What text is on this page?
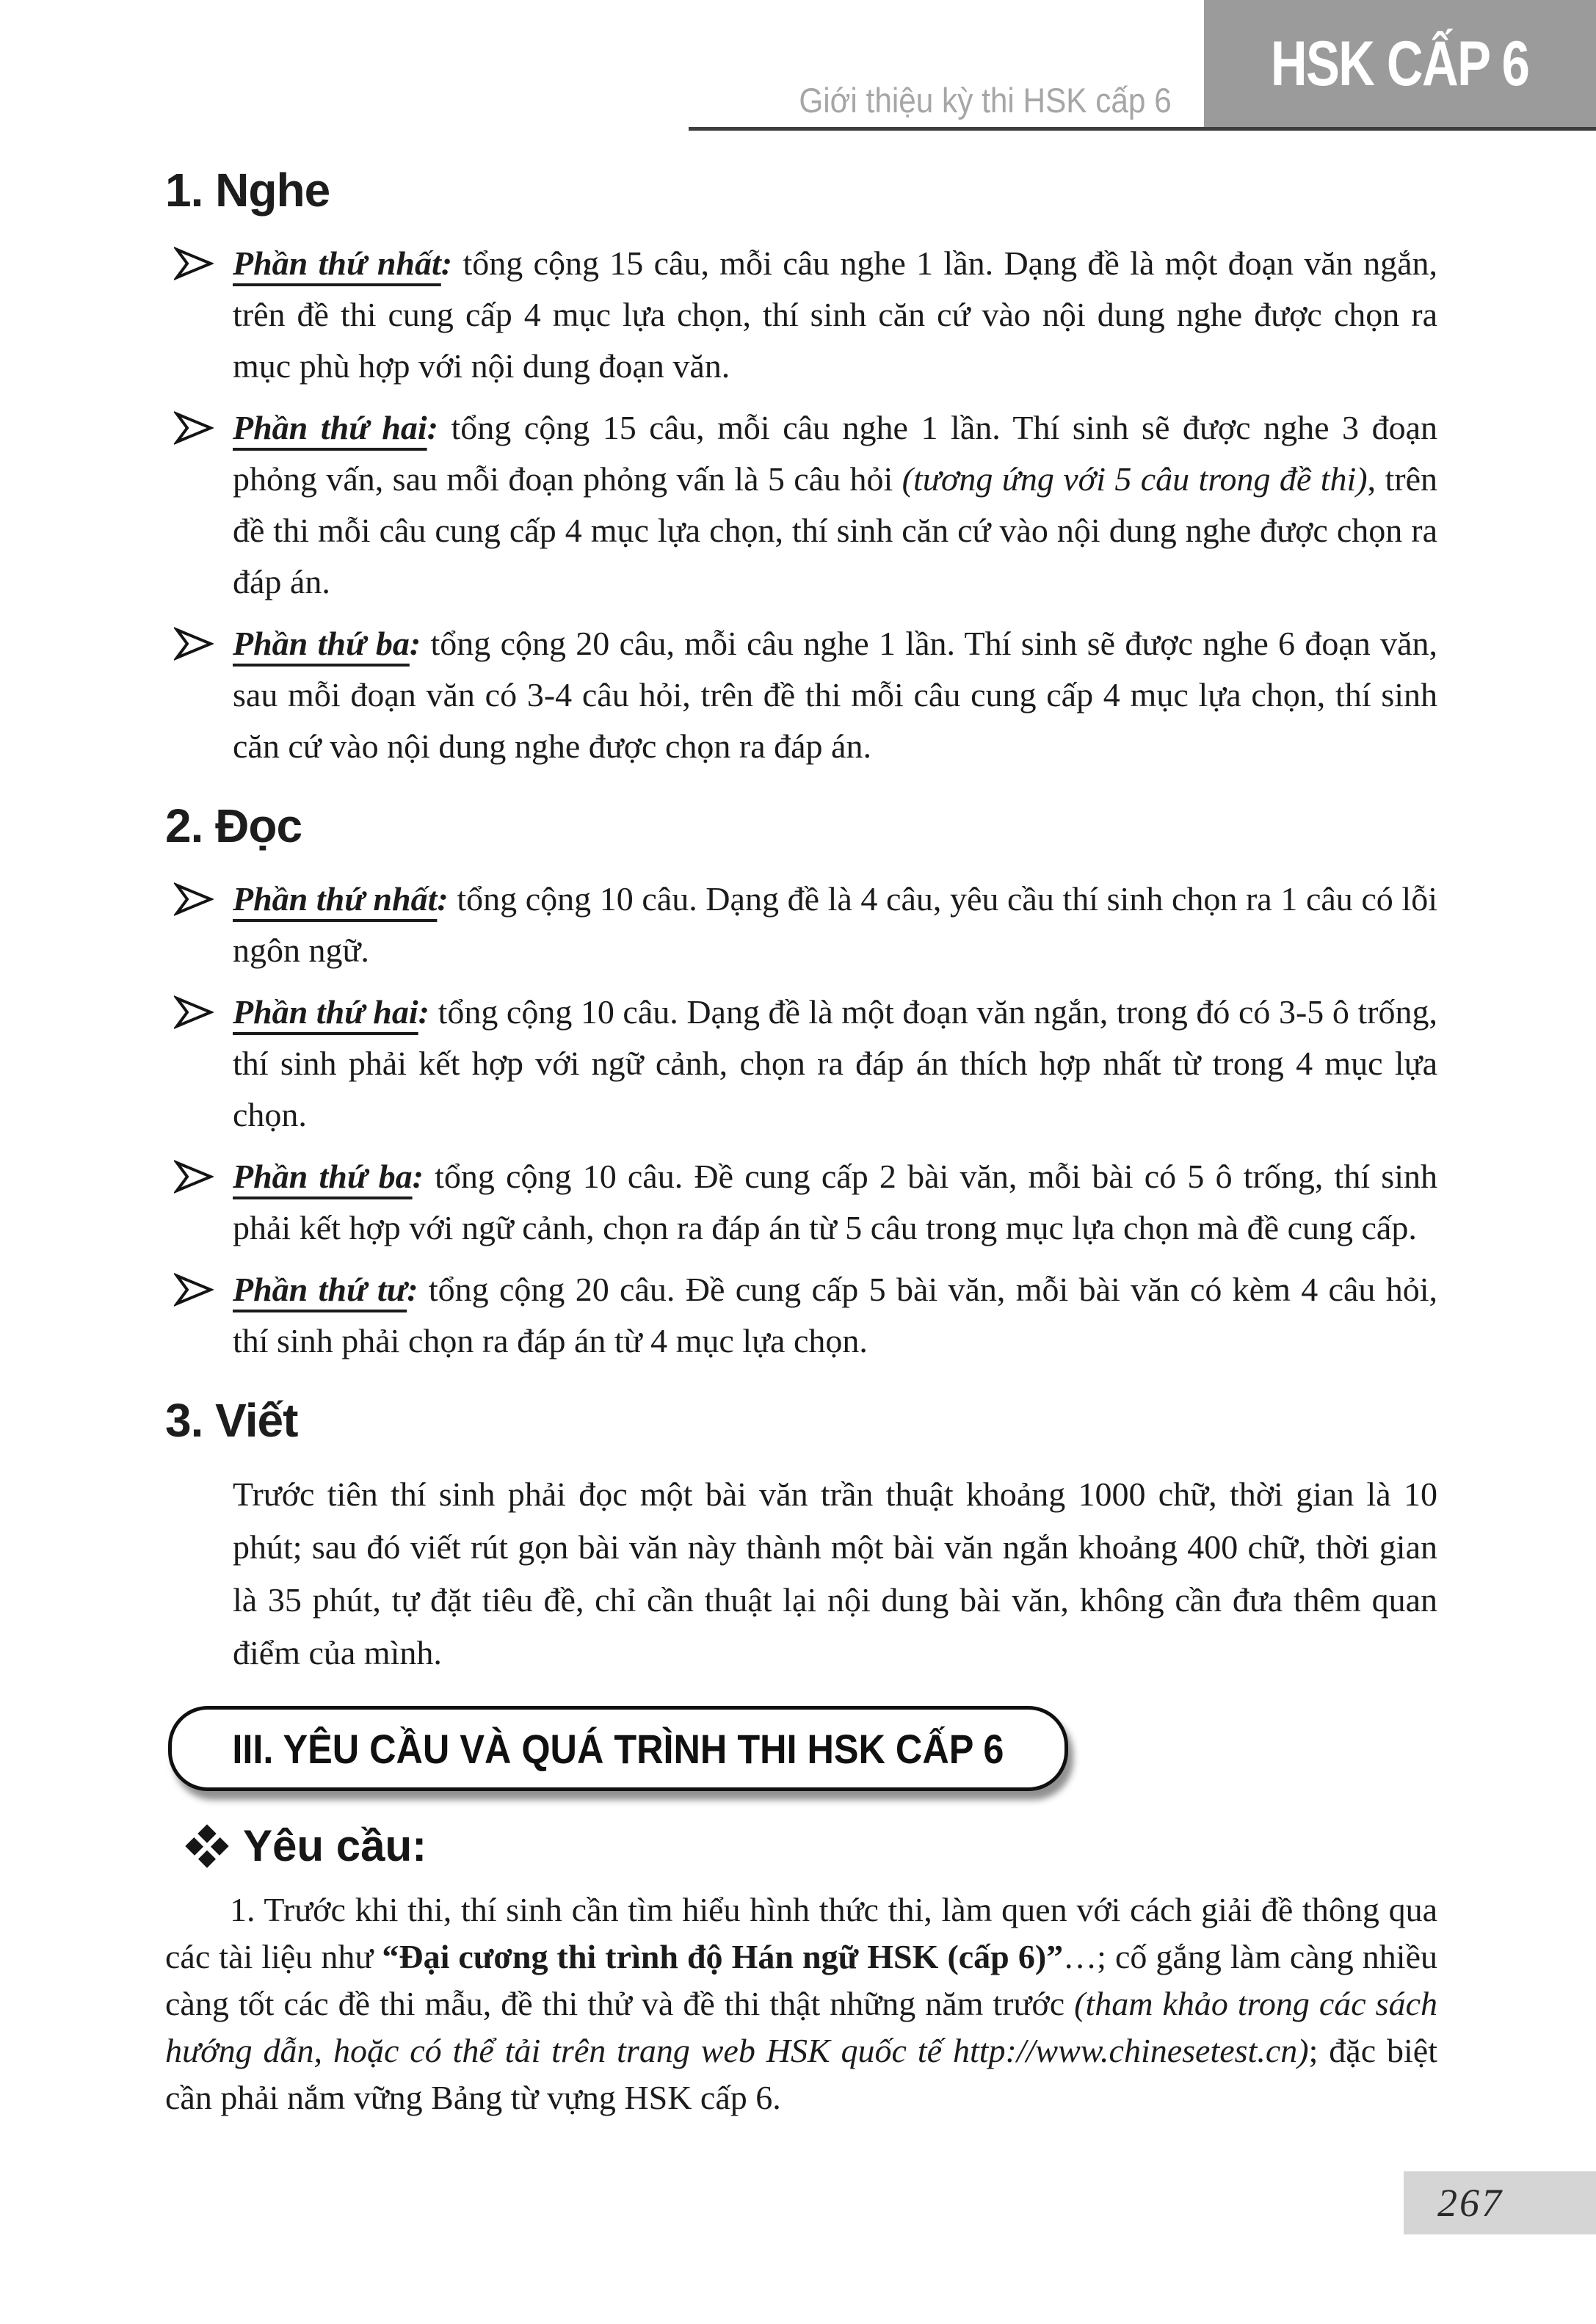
Giới thiệu kỳ thi HSK cấp 6
HSK CẤP 6
1. Nghe
Phần thứ nhất: tổng cộng 15 câu, mỗi câu nghe 1 lần. Dạng đề là một đoạn văn ngắn, trên đề thi cung cấp 4 mục lựa chọn, thí sinh căn cứ vào nội dung nghe được chọn ra mục phù hợp với nội dung đoạn văn.
Phần thứ hai: tổng cộng 15 câu, mỗi câu nghe 1 lần. Thí sinh sẽ được nghe 3 đoạn phỏng vấn, sau mỗi đoạn phỏng vấn là 5 câu hỏi (tương ứng với 5 câu trong đề thi), trên đề thi mỗi câu cung cấp 4 mục lựa chọn, thí sinh căn cứ vào nội dung nghe được chọn ra đáp án.
Phần thứ ba: tổng cộng 20 câu, mỗi câu nghe 1 lần. Thí sinh sẽ được nghe 6 đoạn văn, sau mỗi đoạn văn có 3-4 câu hỏi, trên đề thi mỗi câu cung cấp 4 mục lựa chọn, thí sinh căn cứ vào nội dung nghe được chọn ra đáp án.
2. Đọc
Phần thứ nhất: tổng cộng 10 câu. Dạng đề là 4 câu, yêu cầu thí sinh chọn ra 1 câu có lỗi ngôn ngữ.
Phần thứ hai: tổng cộng 10 câu. Dạng đề là một đoạn văn ngắn, trong đó có 3-5 ô trống, thí sinh phải kết hợp với ngữ cảnh, chọn ra đáp án thích hợp nhất từ trong 4 mục lựa chọn.
Phần thứ ba: tổng cộng 10 câu. Đề cung cấp 2 bài văn, mỗi bài có 5 ô trống, thí sinh phải kết hợp với ngữ cảnh, chọn ra đáp án từ 5 câu trong mục lựa chọn mà đề cung cấp.
Phần thứ tư: tổng cộng 20 câu. Đề cung cấp 5 bài văn, mỗi bài văn có kèm 4 câu hỏi, thí sinh phải chọn ra đáp án từ 4 mục lựa chọn.
3. Viết

Trước tiên thí sinh phải đọc một bài văn trần thuật khoảng 1000 chữ, thời gian là 10 phút; sau đó viết rút gọn bài văn này thành một bài văn ngắn khoảng 400 chữ, thời gian là 35 phút, tự đặt tiêu đề, chỉ cần thuật lại nội dung bài văn, không cần đưa thêm quan điểm của mình.

III. YÊU CẦU VÀ QUÁ TRÌNH THI HSK CẤP 6
Yêu cầu:

1. Trước khi thi, thí sinh cần tìm hiểu hình thức thi, làm quen với cách giải đề thông qua các tài liệu như “Đại cương thi trình độ Hán ngữ HSK (cấp 6)”…; cố gắng làm càng nhiều càng tốt các đề thi mẫu, đề thi thử và đề thi thật những năm trước (tham khảo trong các sách hướng dẫn, hoặc có thể tải trên trang web HSK quốc tế http://www.chinesetest.cn); đặc biệt cần phải nắm vững Bảng từ vựng HSK cấp 6.

267
